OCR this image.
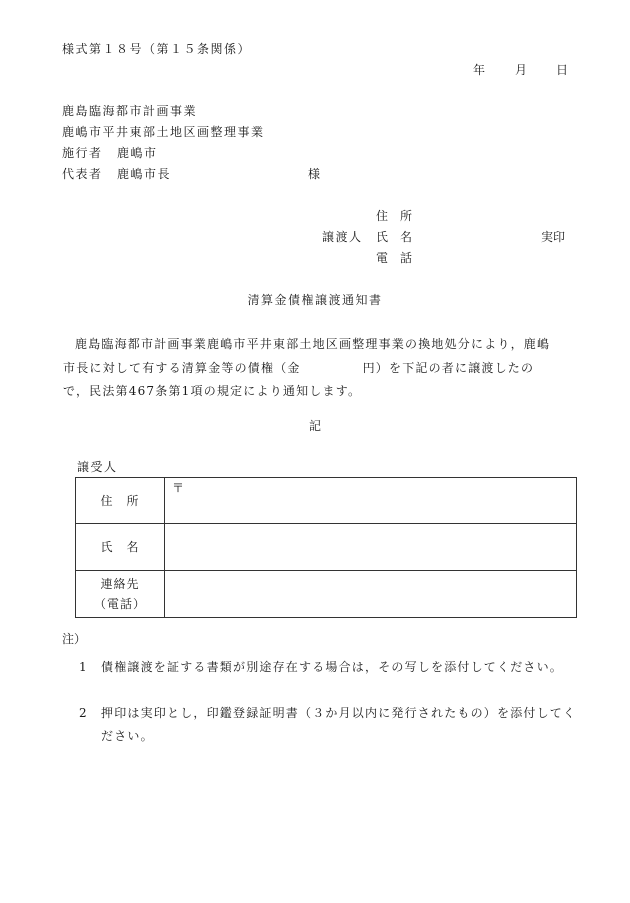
様式第１８号（第１５条関係）
年 月 日
鹿島臨海都市計画事業
鹿嶋市平井東部土地区画整理事業
施行者 鹿嶋市
代表者 鹿嶋市長	様
住　所
譲渡人 氏　名	実印
電　話
清算金債権譲渡通知書
鹿島臨海都市計画事業鹿嶋市平井東部土地区画整理事業の換地処分により，鹿嶋
市長に対して有する清算金等の債権（金	円）を下記の者に譲渡したの
で，民法第467条第1項の規定により通知します。
記
譲受人
住　所	〒

氏　名	

連絡先
（電話）	

注）
1	債権譲渡を証する書類が別途存在する場合は，その写しを添付してください。
2	押印は実印とし，印鑑登録証明書（３か月以内に発行されたもの）を添付してください。
